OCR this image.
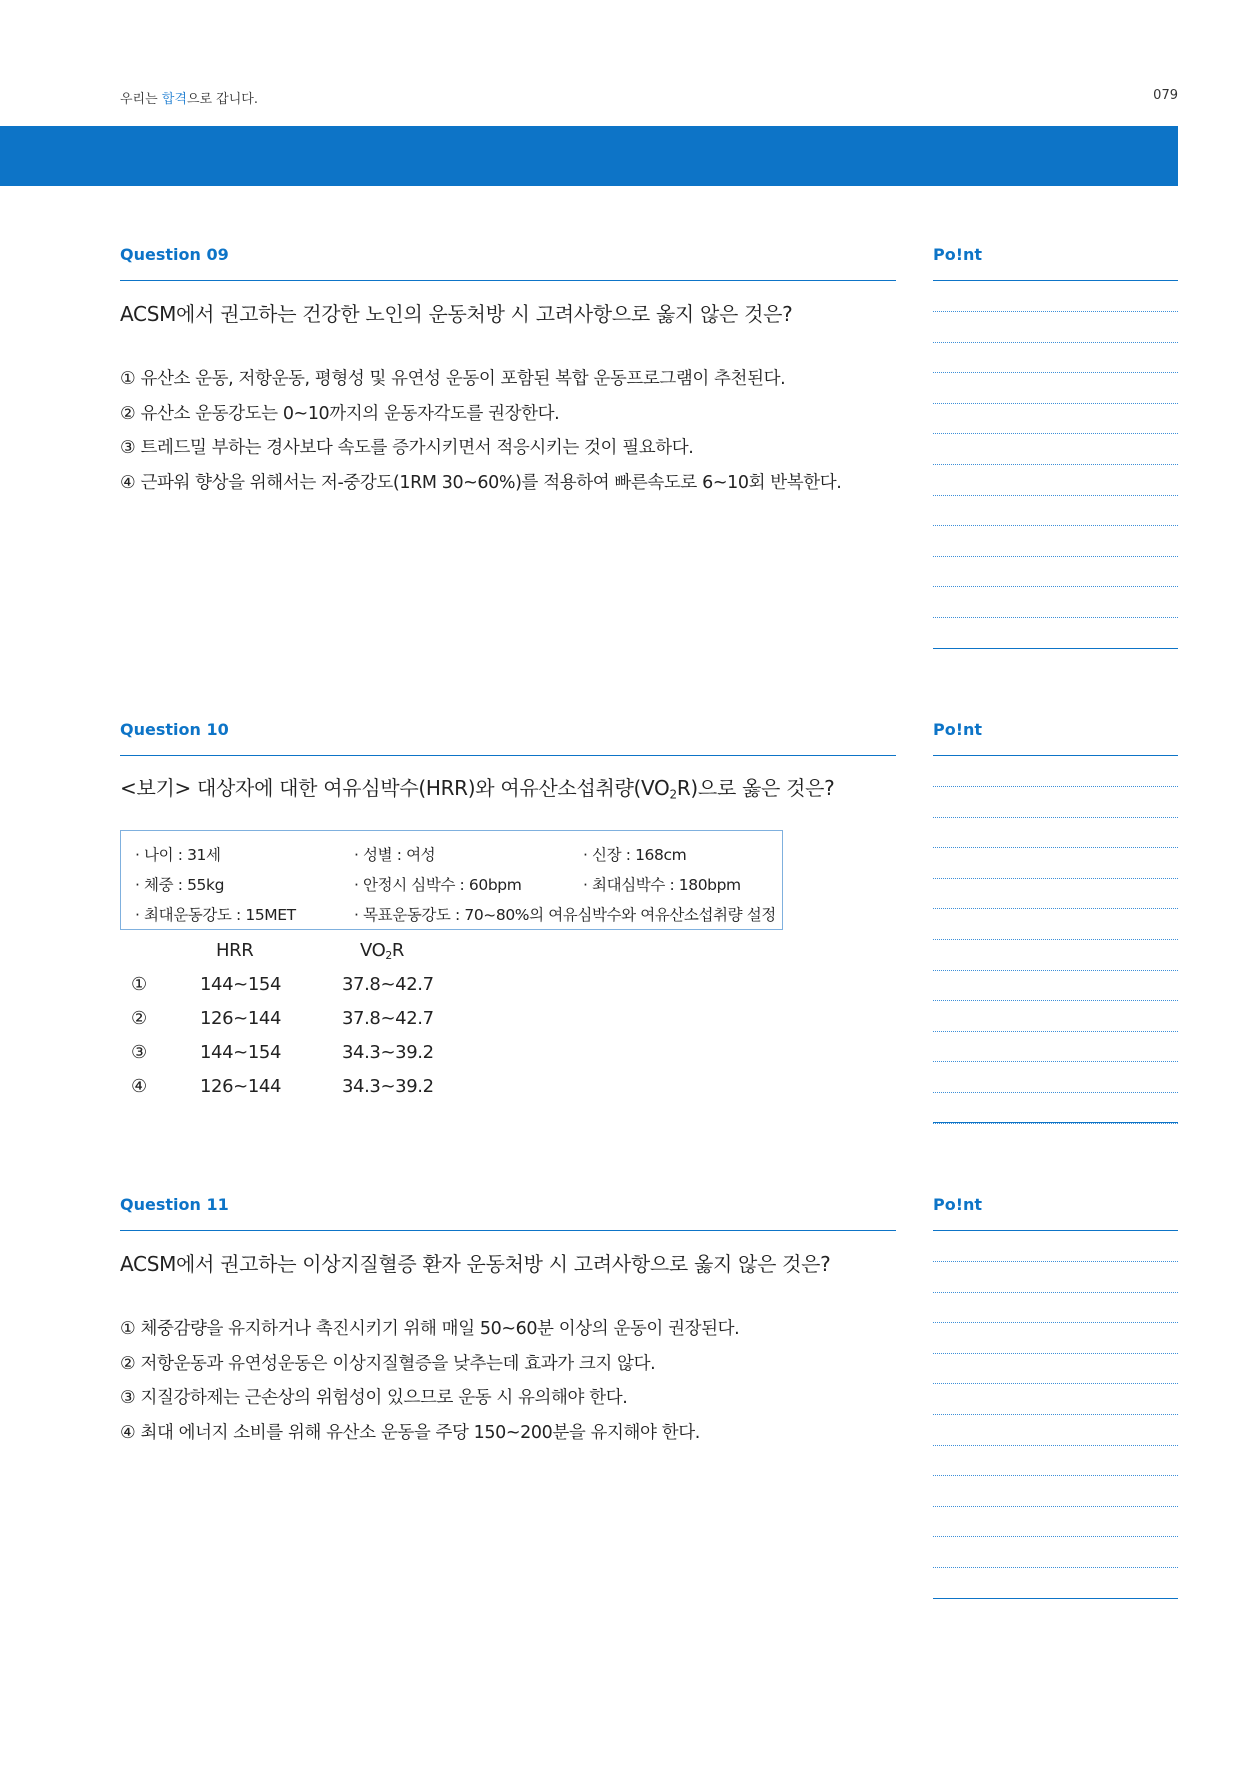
우리는 합격으로 갑니다.	079
Question 09	Po!nt
ACSM에서 권고하는 건강한 노인의 운동처방 시 고려사항으로 옳지 않은 것은?
① 유산소 운동, 저항운동, 평형성 및 유연성 운동이 포함된 복합 운동프로그램이 추천된다.
② 유산소 운동강도는 0~10까지의 운동자각도를 권장한다.
③ 트레드밀 부하는 경사보다 속도를 증가시키면서 적응시키는 것이 필요하다.
④ 근파워 향상을 위해서는 저-중강도(1RM 30~60%)를 적용하여 빠른속도로 6~10회 반복한다.
Question 10	Po!nt
<보기> 대상자에 대한 여유심박수(HRR)와 여유산소섭취량$(VO_2R)$으로 옳은 것은?
· 나이 : 31세	· 성별 : 여성	· 신장 : 168cm
· 체중 : 55kg	· 안정시 심박수 : 60bpm	· 최대심박수 : 180bpm
· 최대운동강도 : 15MET	· 목표운동강도 : 70~80%의 여유심박수와 여유산소섭취량 설정
HRR	$VO_2R$
①	144~154	37.8~42.7
②	126~144	37.8~42.7
③	144~154	34.3~39.2
④	126~144	34.3~39.2
Question 11	Po!nt
ACSM에서 권고하는 이상지질혈증 환자 운동처방 시 고려사항으로 옳지 않은 것은?
① 체중감량을 유지하거나 촉진시키기 위해 매일 50~60분 이상의 운동이 권장된다.
② 저항운동과 유연성운동은 이상지질혈증을 낮추는데 효과가 크지 않다.
③ 지질강하제는 근손상의 위험성이 있으므로 운동 시 유의해야 한다.
④ 최대 에너지 소비를 위해 유산소 운동을 주당 150~200분을 유지해야 한다.
